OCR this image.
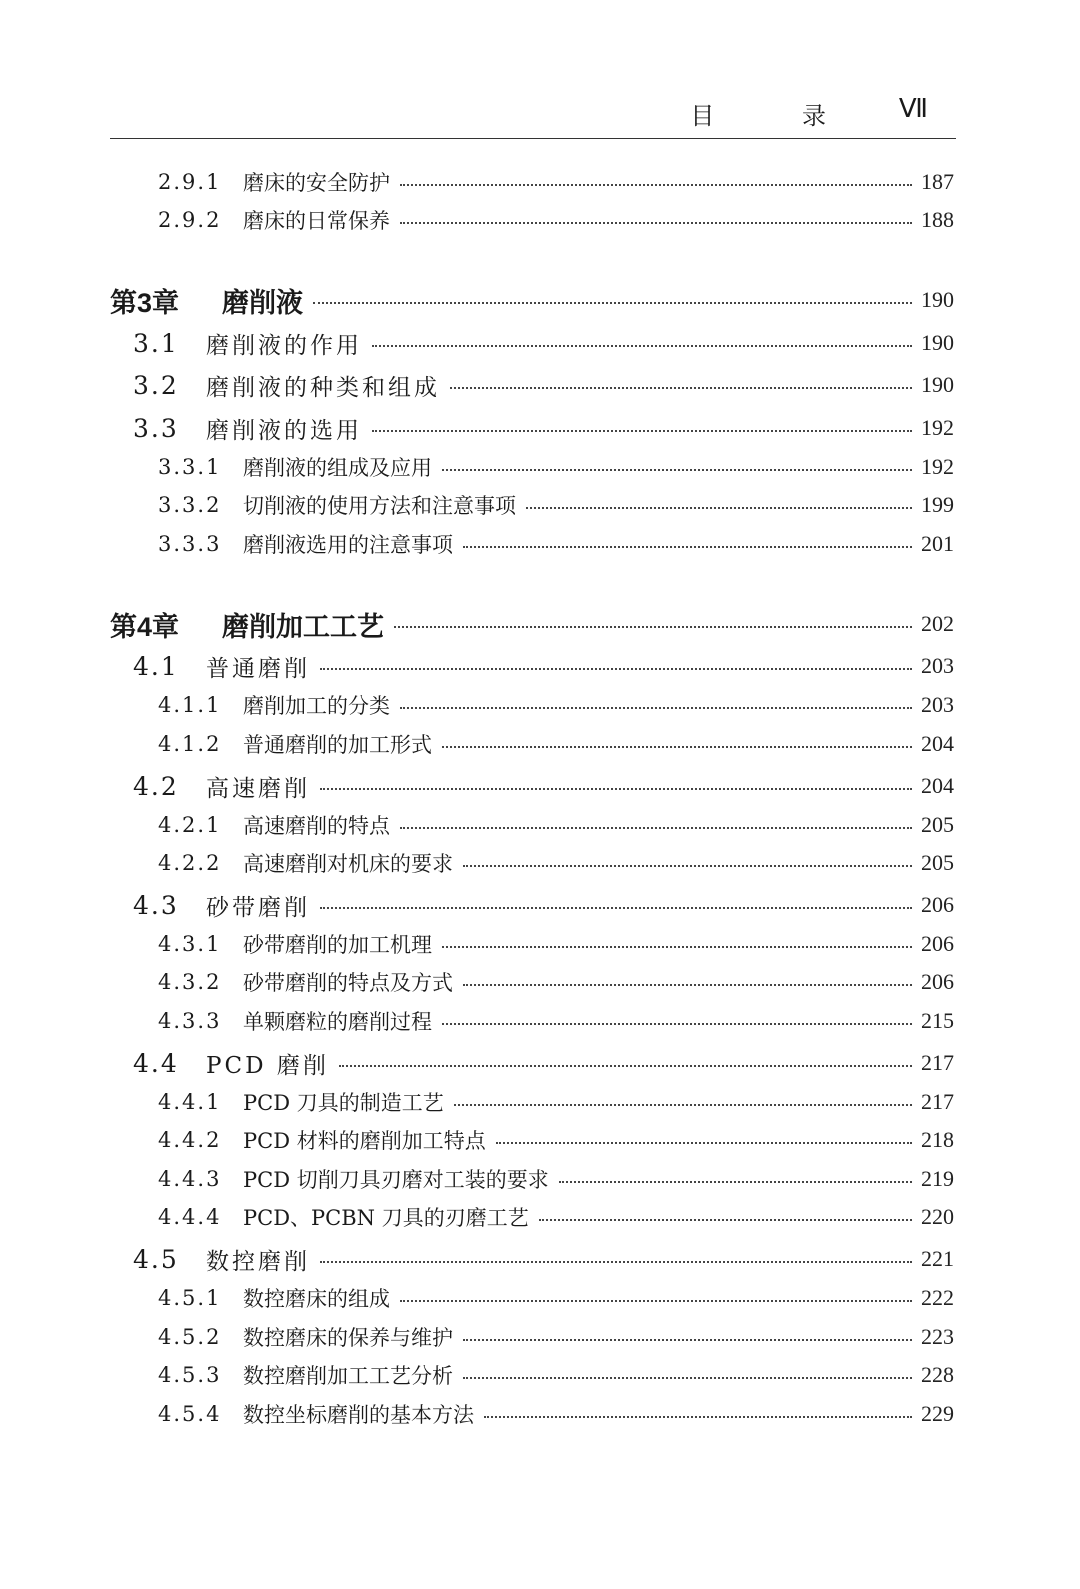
目 录 Ⅶ
2.9.1 磨床的安全防护	187
2.9.2 磨床的日常保养	188
第3章 磨削液	190
3.1 磨削液的作用	190
3.2 磨削液的种类和组成	190
3.3 磨削液的选用	192
3.3.1 磨削液的组成及应用	192
3.3.2 切削液的使用方法和注意事项	199
3.3.3 磨削液选用的注意事项	201
第4章 磨削加工工艺	202
4.1 普通磨削	203
4.1.1 磨削加工的分类	203
4.1.2 普通磨削的加工形式	204
4.2 高速磨削	204
4.2.1 高速磨削的特点	205
4.2.2 高速磨削对机床的要求	205
4.3 砂带磨削	206
4.3.1 砂带磨削的加工机理	206
4.3.2 砂带磨削的特点及方式	206
4.3.3 单颗磨粒的磨削过程	215
4.4 PCD 磨削	217
4.4.1 PCD 刀具的制造工艺	217
4.4.2 PCD 材料的磨削加工特点	218
4.4.3 PCD 切削刀具刃磨对工装的要求	219
4.4.4 PCD、PCBN 刀具的刃磨工艺	220
4.5 数控磨削	221
4.5.1 数控磨床的组成	222
4.5.2 数控磨床的保养与维护	223
4.5.3 数控磨削加工工艺分析	228
4.5.4 数控坐标磨削的基本方法	229
